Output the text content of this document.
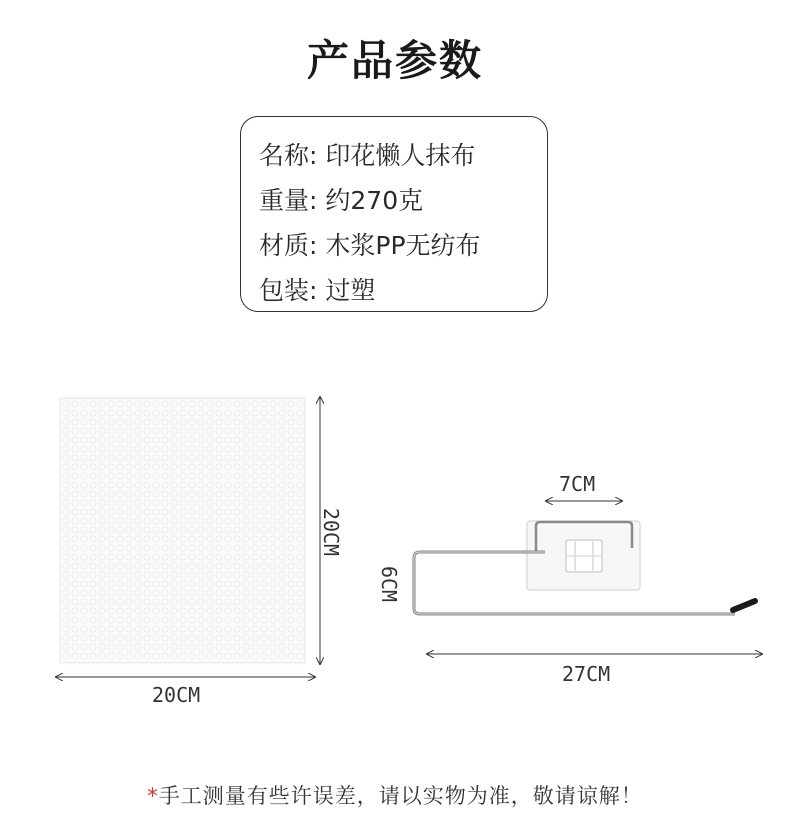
产品参数
名称: 印花懒人抹布
重量: 约270克
材质: 木浆PP无纺布
包装: 过塑
20CM
20CM
7CM
6CM
27CM
*手工测量有些许误差，请以实物为准，敬请谅解！
